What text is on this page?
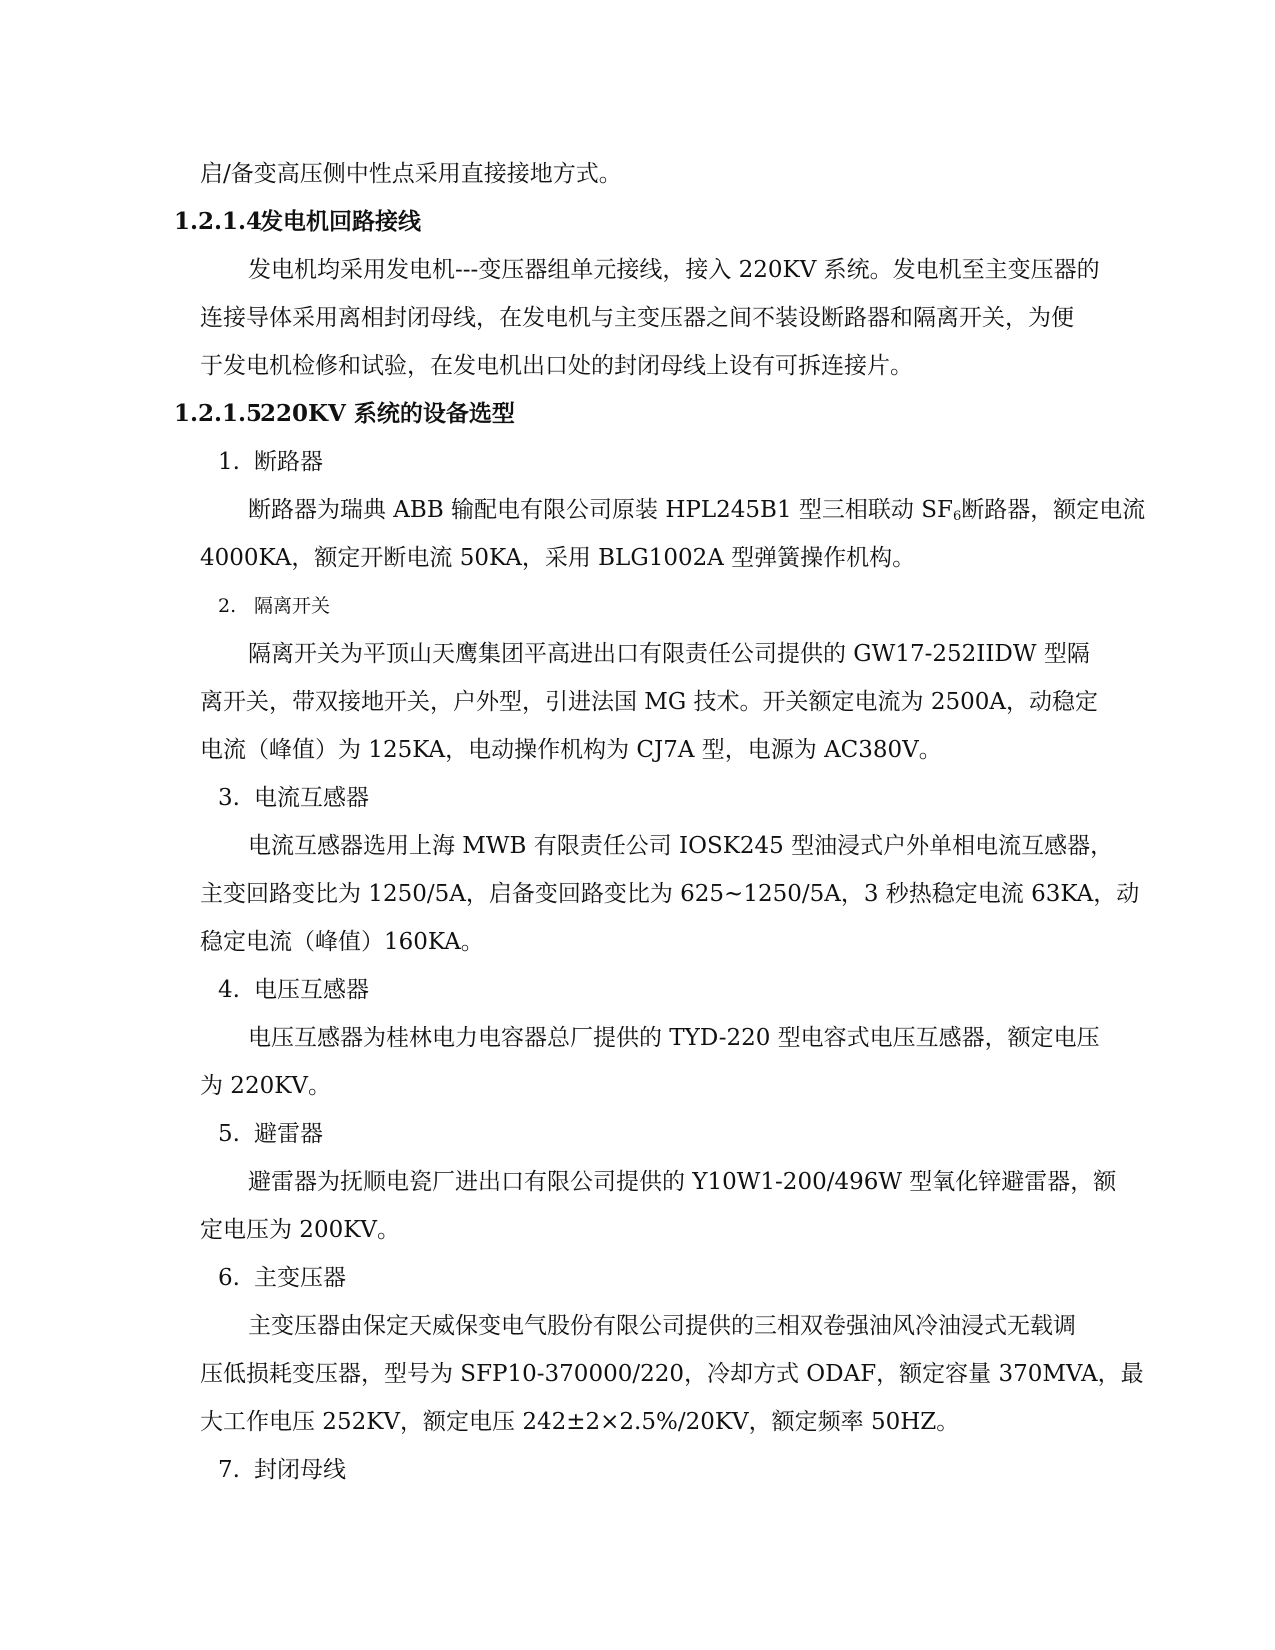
启/备变高压侧中性点采用直接接地方式。
1.2.1.4发电机回路接线
发电机均采用发电机---变压器组单元接线，接入 220KV 系统。发电机至主变压器的
连接导体采用离相封闭母线，在发电机与主变压器之间不装设断路器和隔离开关，为便
于发电机检修和试验，在发电机出口处的封闭母线上设有可拆连接片。
1.2.1.5220KV 系统的设备选型
1. 断路器
断路器为瑞典 ABB 输配电有限公司原装 HPL245B1 型三相联动 $SF_6$断路器，额定电流
4000KA，额定开断电流 50KA，采用 BLG1002A 型弹簧操作机构。
2. 隔离开关
隔离开关为平顶山天鹰集团平高进出口有限责任公司提供的 GW17-252IIDW 型隔
离开关，带双接地开关，户外型，引进法国 MG 技术。开关额定电流为 2500A，动稳定
电流（峰值）为 125KA，电动操作机构为 CJ7A 型，电源为 AC380V。
3. 电流互感器
电流互感器选用上海 MWB 有限责任公司 IOSK245 型油浸式户外单相电流互感器，
主变回路变比为 1250/5A，启备变回路变比为 625~1250/5A，3 秒热稳定电流 63KA，动
稳定电流（峰值）160KA。
4. 电压互感器
电压互感器为桂林电力电容器总厂提供的 TYD-220 型电容式电压互感器，额定电压
为 220KV。
5. 避雷器
避雷器为抚顺电瓷厂进出口有限公司提供的 Y10W1-200/496W 型氧化锌避雷器，额
定电压为 200KV。
6. 主变压器
主变压器由保定天威保变电气股份有限公司提供的三相双卷强油风冷油浸式无载调
压低损耗变压器，型号为 SFP10-370000/220，冷却方式 ODAF，额定容量 370MVA，最
大工作电压 252KV，额定电压 242±2×2.5%/20KV，额定频率 50HZ。
7. 封闭母线
